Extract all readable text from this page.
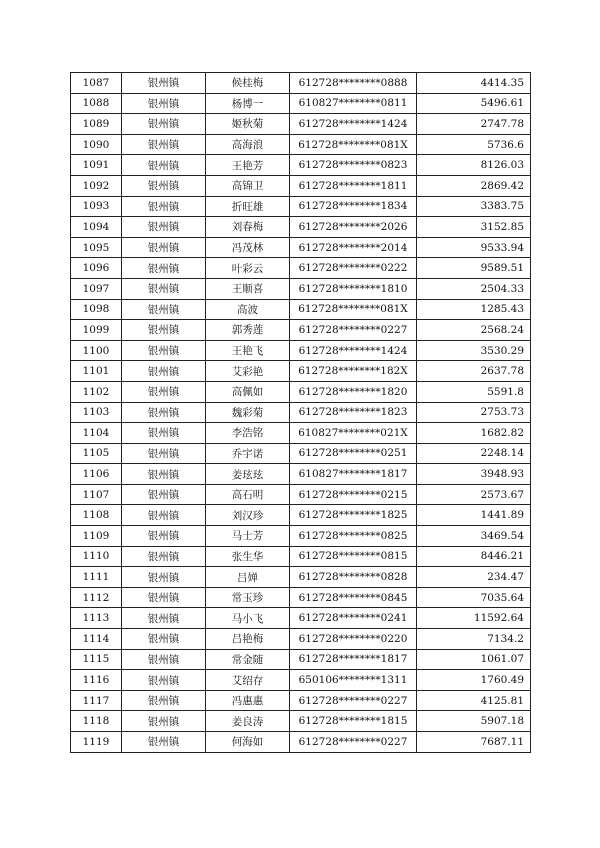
1087	银州镇	候桂梅	612728********0888	4414.35
1088	银州镇	杨博一	610827********0811	5496.61
1089	银州镇	姬秋菊	612728********1424	2747.78
1090	银州镇	高海浪	612728********081X	5736.6
1091	银州镇	王艳芳	612728********0823	8126.03
1092	银州镇	高锦卫	612728********1811	2869.42
1093	银州镇	折旺雄	612728********1834	3383.75
1094	银州镇	刘春梅	612728********2026	3152.85
1095	银州镇	冯茂林	612728********2014	9533.94
1096	银州镇	叶彩云	612728********0222	9589.51
1097	银州镇	王顺喜	612728********1810	2504.33
1098	银州镇	高波	612728********081X	1285.43
1099	银州镇	郭秀莲	612728********0227	2568.24
1100	银州镇	王艳飞	612728********1424	3530.29
1101	银州镇	艾彩艳	612728********182X	2637.78
1102	银州镇	高佩如	612728********1820	5591.8
1103	银州镇	魏彩菊	612728********1823	2753.73
1104	银州镇	李浩铭	610827********021X	1682.82
1105	银州镇	乔宇诺	612728********0251	2248.14
1106	银州镇	姜玹玹	610827********1817	3948.93
1107	银州镇	高石明	612728********0215	2573.67
1108	银州镇	刘汉珍	612728********1825	1441.89
1109	银州镇	马士芳	612728********0825	3469.54
1110	银州镇	张生华	612728********0815	8446.21
1111	银州镇	吕婵	612728********0828	234.47
1112	银州镇	常玉珍	612728********0845	7035.64
1113	银州镇	马小飞	612728********0241	11592.64
1114	银州镇	吕艳梅	612728********0220	7134.2
1115	银州镇	常金随	612728********1817	1061.07
1116	银州镇	艾绍存	650106********1311	1760.49
1117	银州镇	冯惠惠	612728********0227	4125.81
1118	银州镇	姜良涛	612728********1815	5907.18
1119	银州镇	何海如	612728********0227	7687.11
